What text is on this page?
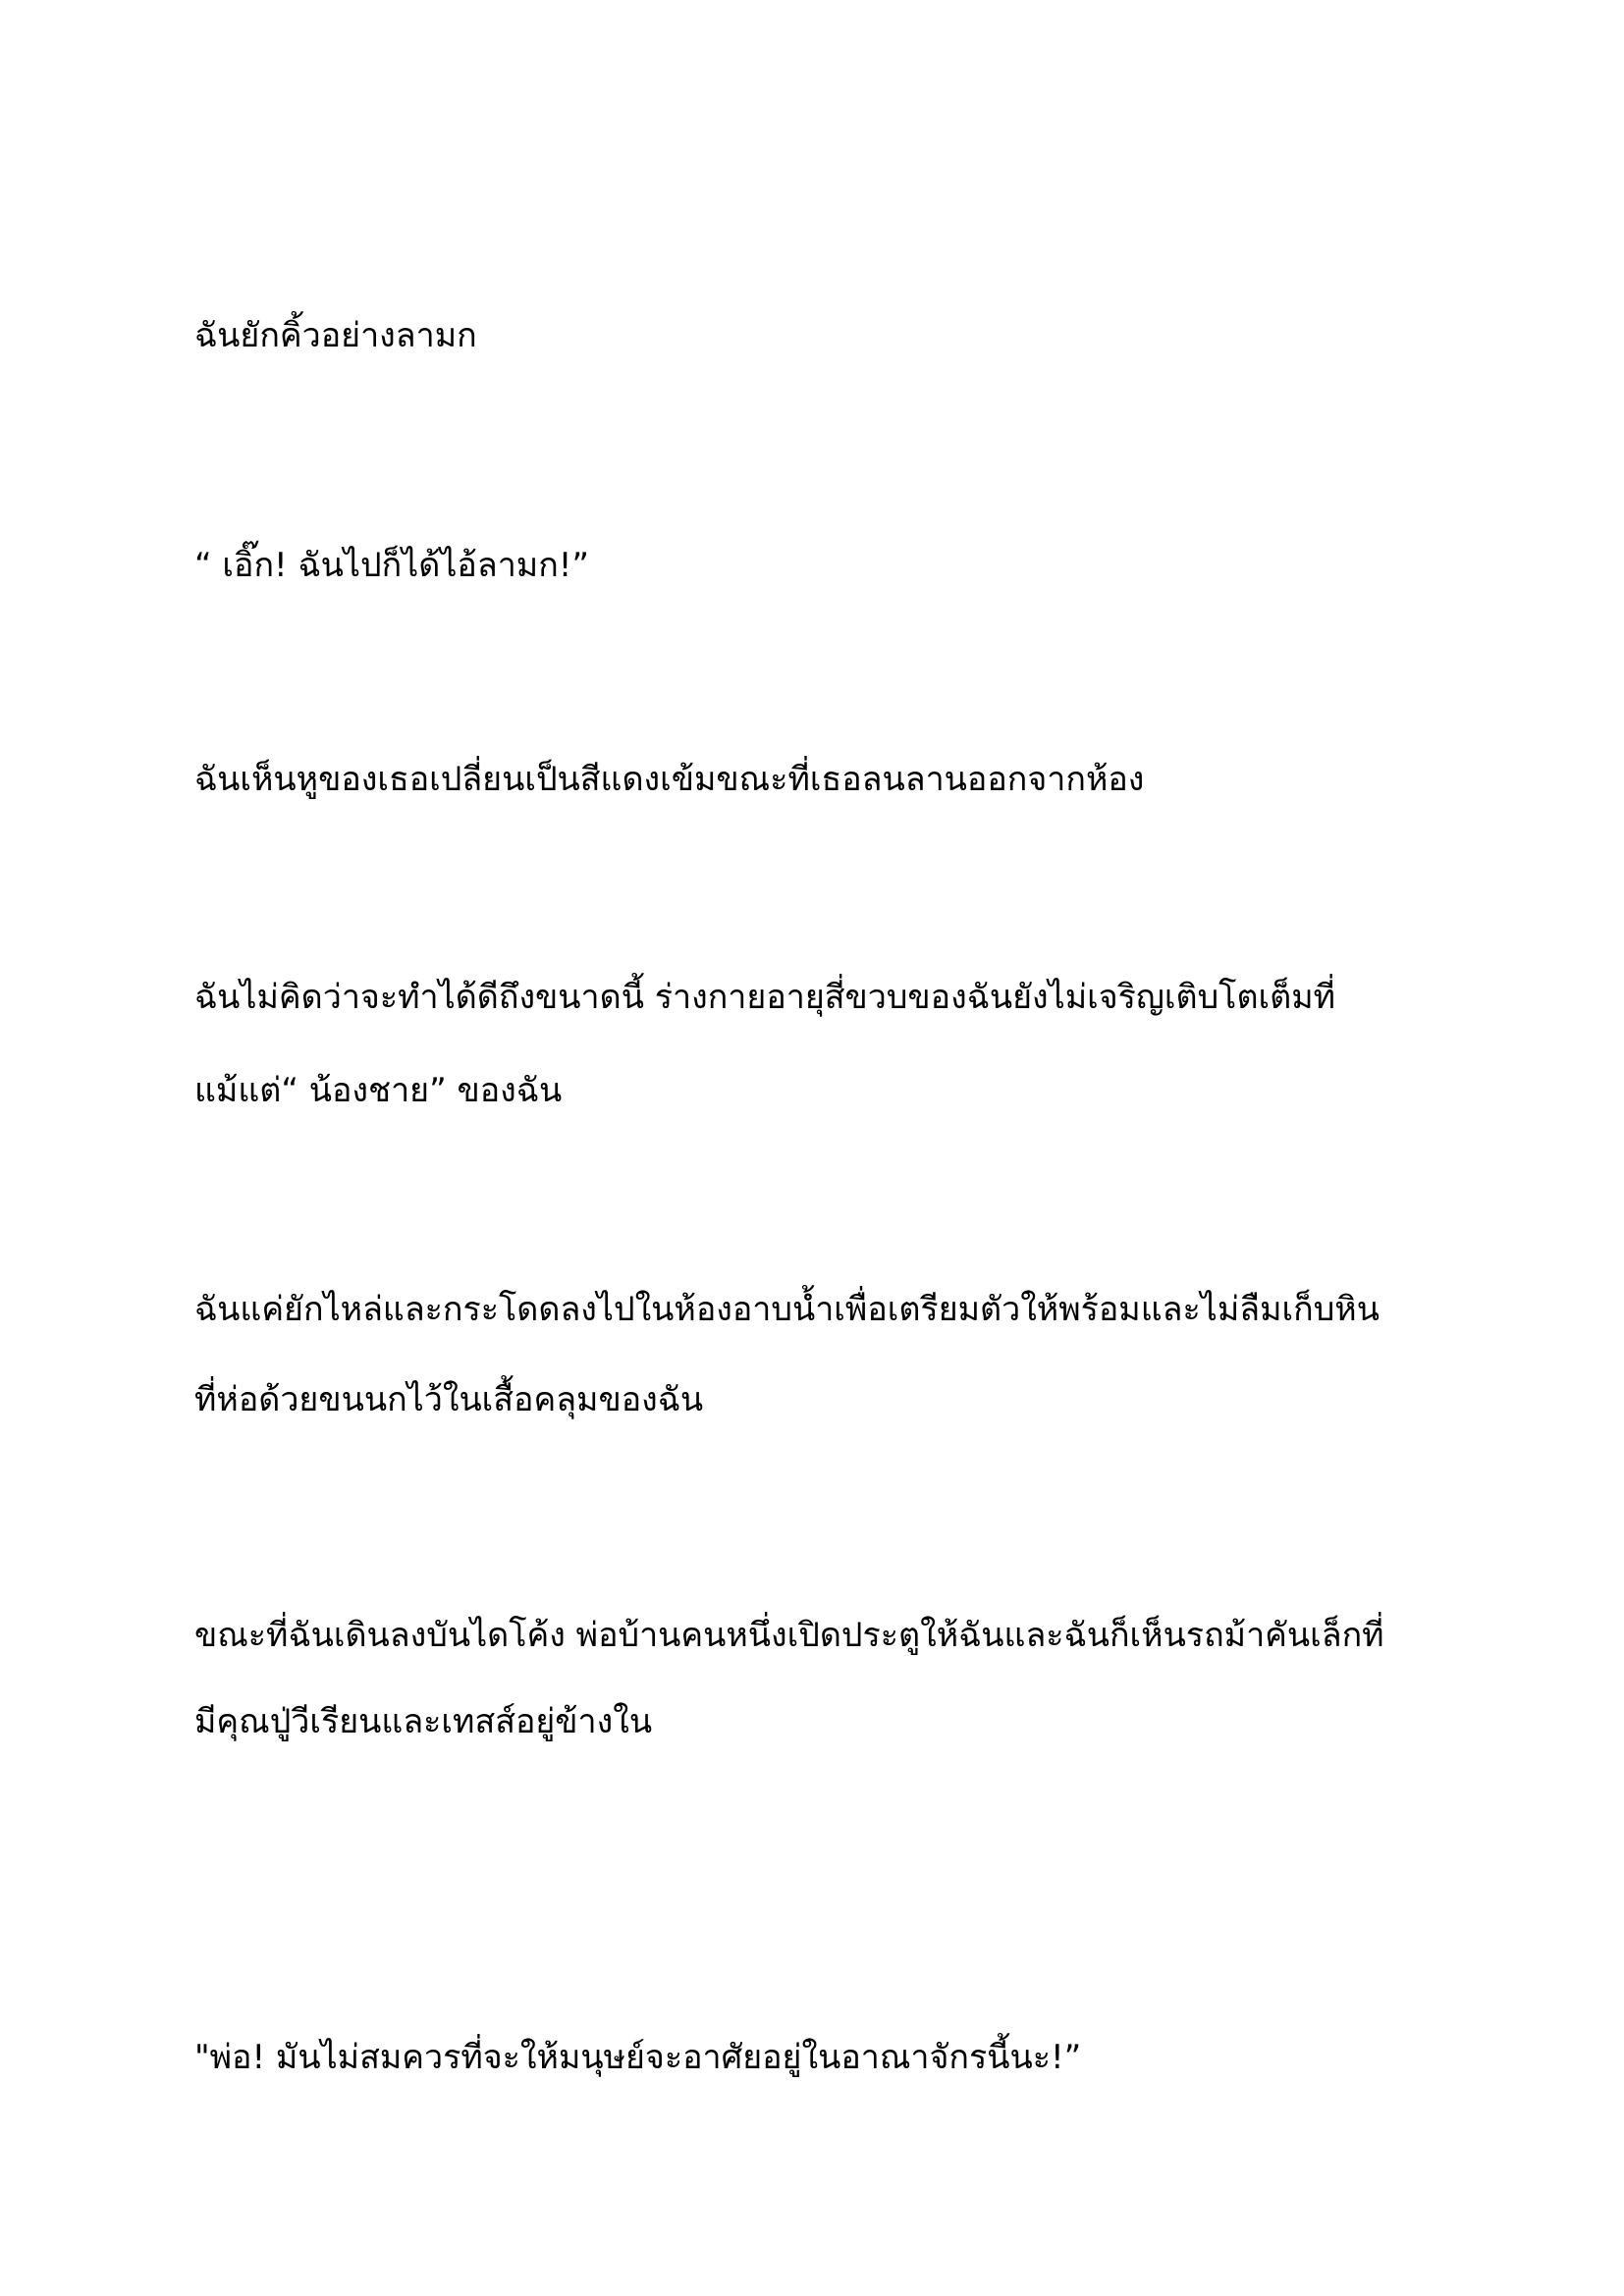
ฉันยักคิ้วอย่างลามก

“ เอิ๊ก! ฉันไปก็ได้ไอ้ลามก!”

ฉันเห็นหูของเธอเปลี่ยนเป็นสีแดงเข้มขณะที่เธอลนลานออกจากห้อง

ฉันไม่คิดว่าจะทำได้ดีถึงขนาดนี้ ร่างกายอายุสี่ขวบของฉันยังไม่เจริญเติบโตเต็มที่

แม้แต่“ น้องชาย” ของฉัน

ฉันแค่ยักไหล่และกระโดดลงไปในห้องอาบน้ำเพื่อเตรียมตัวให้พร้อมและไม่ลืมเก็บหิน

ที่ห่อด้วยขนนกไว้ในเสื้อคลุมของฉัน

ขณะที่ฉันเดินลงบันไดโค้ง พ่อบ้านคนหนึ่งเปิดประตูให้ฉันและฉันก็เห็นรถม้าคันเล็กที่

มีคุณปู่วีเรียนและเทสส์อยู่ข้างใน

"พ่อ! มันไม่สมควรที่จะให้มนุษย์จะอาศัยอยู่ในอาณาจักรนี้นะ!”
